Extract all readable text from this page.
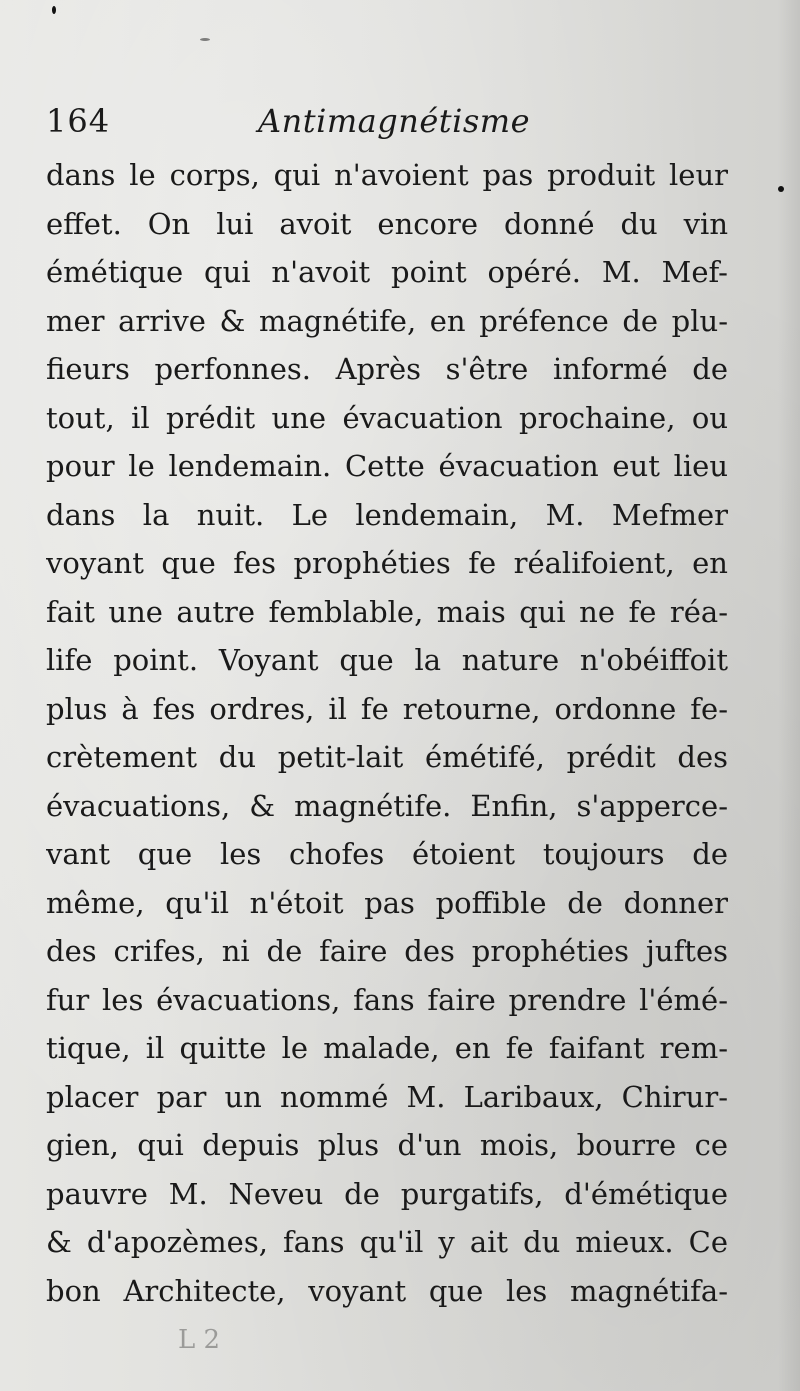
164	Antimagnétisme
dans le corps, qui n'avoient pas produit leur
effet. On lui avoit encore donné du vin
émétique qui n'avoit point opéré. M. Mef-
mer arrive & magnétife, en préfence de plu-
fieurs perfonnes. Après s'être informé de
tout, il prédit une évacuation prochaine, ou
pour le lendemain. Cette évacuation eut lieu
dans la nuit. Le lendemain, M. Mefmer
voyant que fes prophéties fe réalifoient, en
fait une autre femblable, mais qui ne fe réa-
life point. Voyant que la nature n'obéiffoit
plus à fes ordres, il fe retourne, ordonne fe-
crètement du petit-lait émétifé, prédit des
évacuations, & magnétife. Enfin, s'apperce-
vant que les chofes étoient toujours de
même, qu'il n'étoit pas poffible de donner
des crifes, ni de faire des prophéties juftes
fur les évacuations, fans faire prendre l'émé-
tique, il quitte le malade, en fe faifant rem-
placer par un nommé M. Laribaux, Chirur-
gien, qui depuis plus d'un mois, bourre ce
pauvre M. Neveu de purgatifs, d'émétique
& d'apozèmes, fans qu'il y ait du mieux. Ce
bon Architecte, voyant que les magnétifa-
L 2
